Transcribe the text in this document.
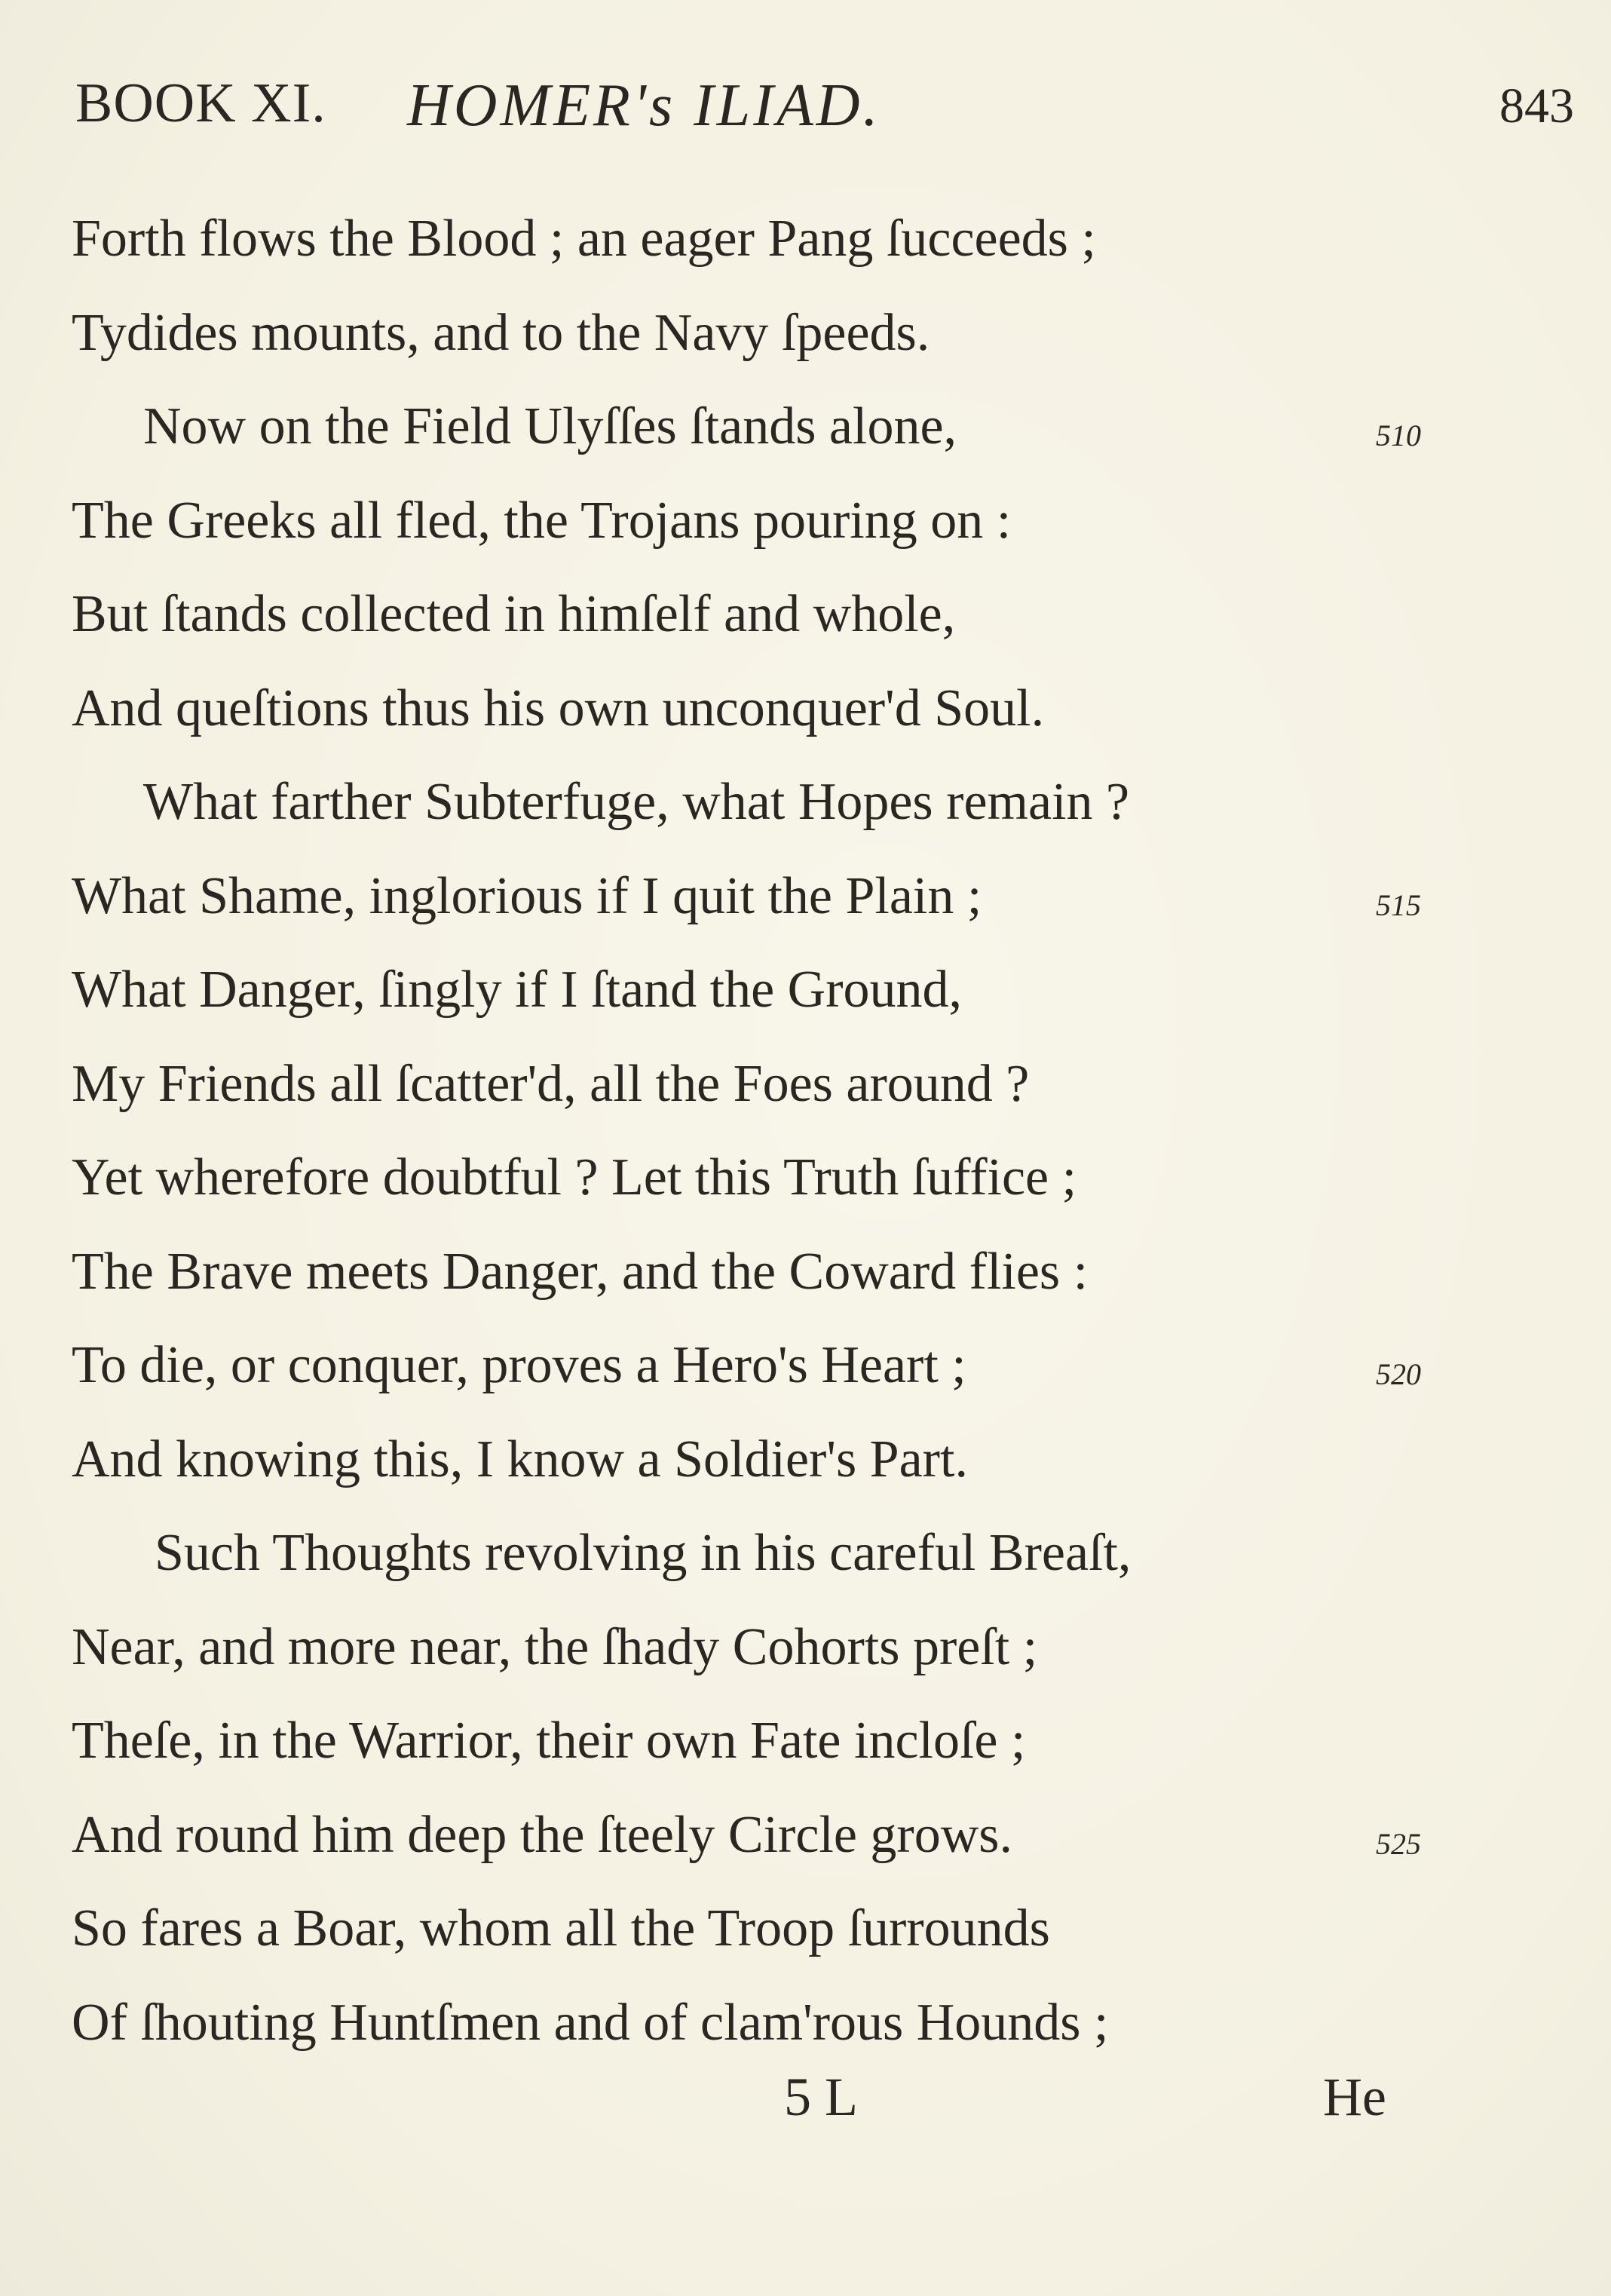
BOOK XI. HOMER's ILIAD.	843
Forth flows the Blood ; an eager Pang ſucceeds ;
Tydides mounts, and to the Navy ſpeeds.
Now on the Field Ulyſſes ſtands alone,	510
The Greeks all fled, the Trojans pouring on :
But ſtands collected in himſelf and whole,
And queſtions thus his own unconquer'd Soul.
What farther Subterfuge, what Hopes remain ?
What Shame, inglorious if I quit the Plain ;	515
What Danger, ſingly if I ſtand the Ground,
My Friends all ſcatter'd, all the Foes around ?
Yet wherefore doubtful ? Let this Truth ſuffice ;
The Brave meets Danger, and the Coward flies :
To die, or conquer, proves a Hero's Heart ;	520
And knowing this, I know a Soldier's Part.
Such Thoughts revolving in his careful Breaſt,
Near, and more near, the ſhady Cohorts preſt ;
Theſe, in the Warrior, their own Fate incloſe ;
And round him deep the ſteely Circle grows.	525
So fares a Boar, whom all the Troop ſurrounds
Of ſhouting Huntſmen and of clam'rous Hounds ;
5 L	He
